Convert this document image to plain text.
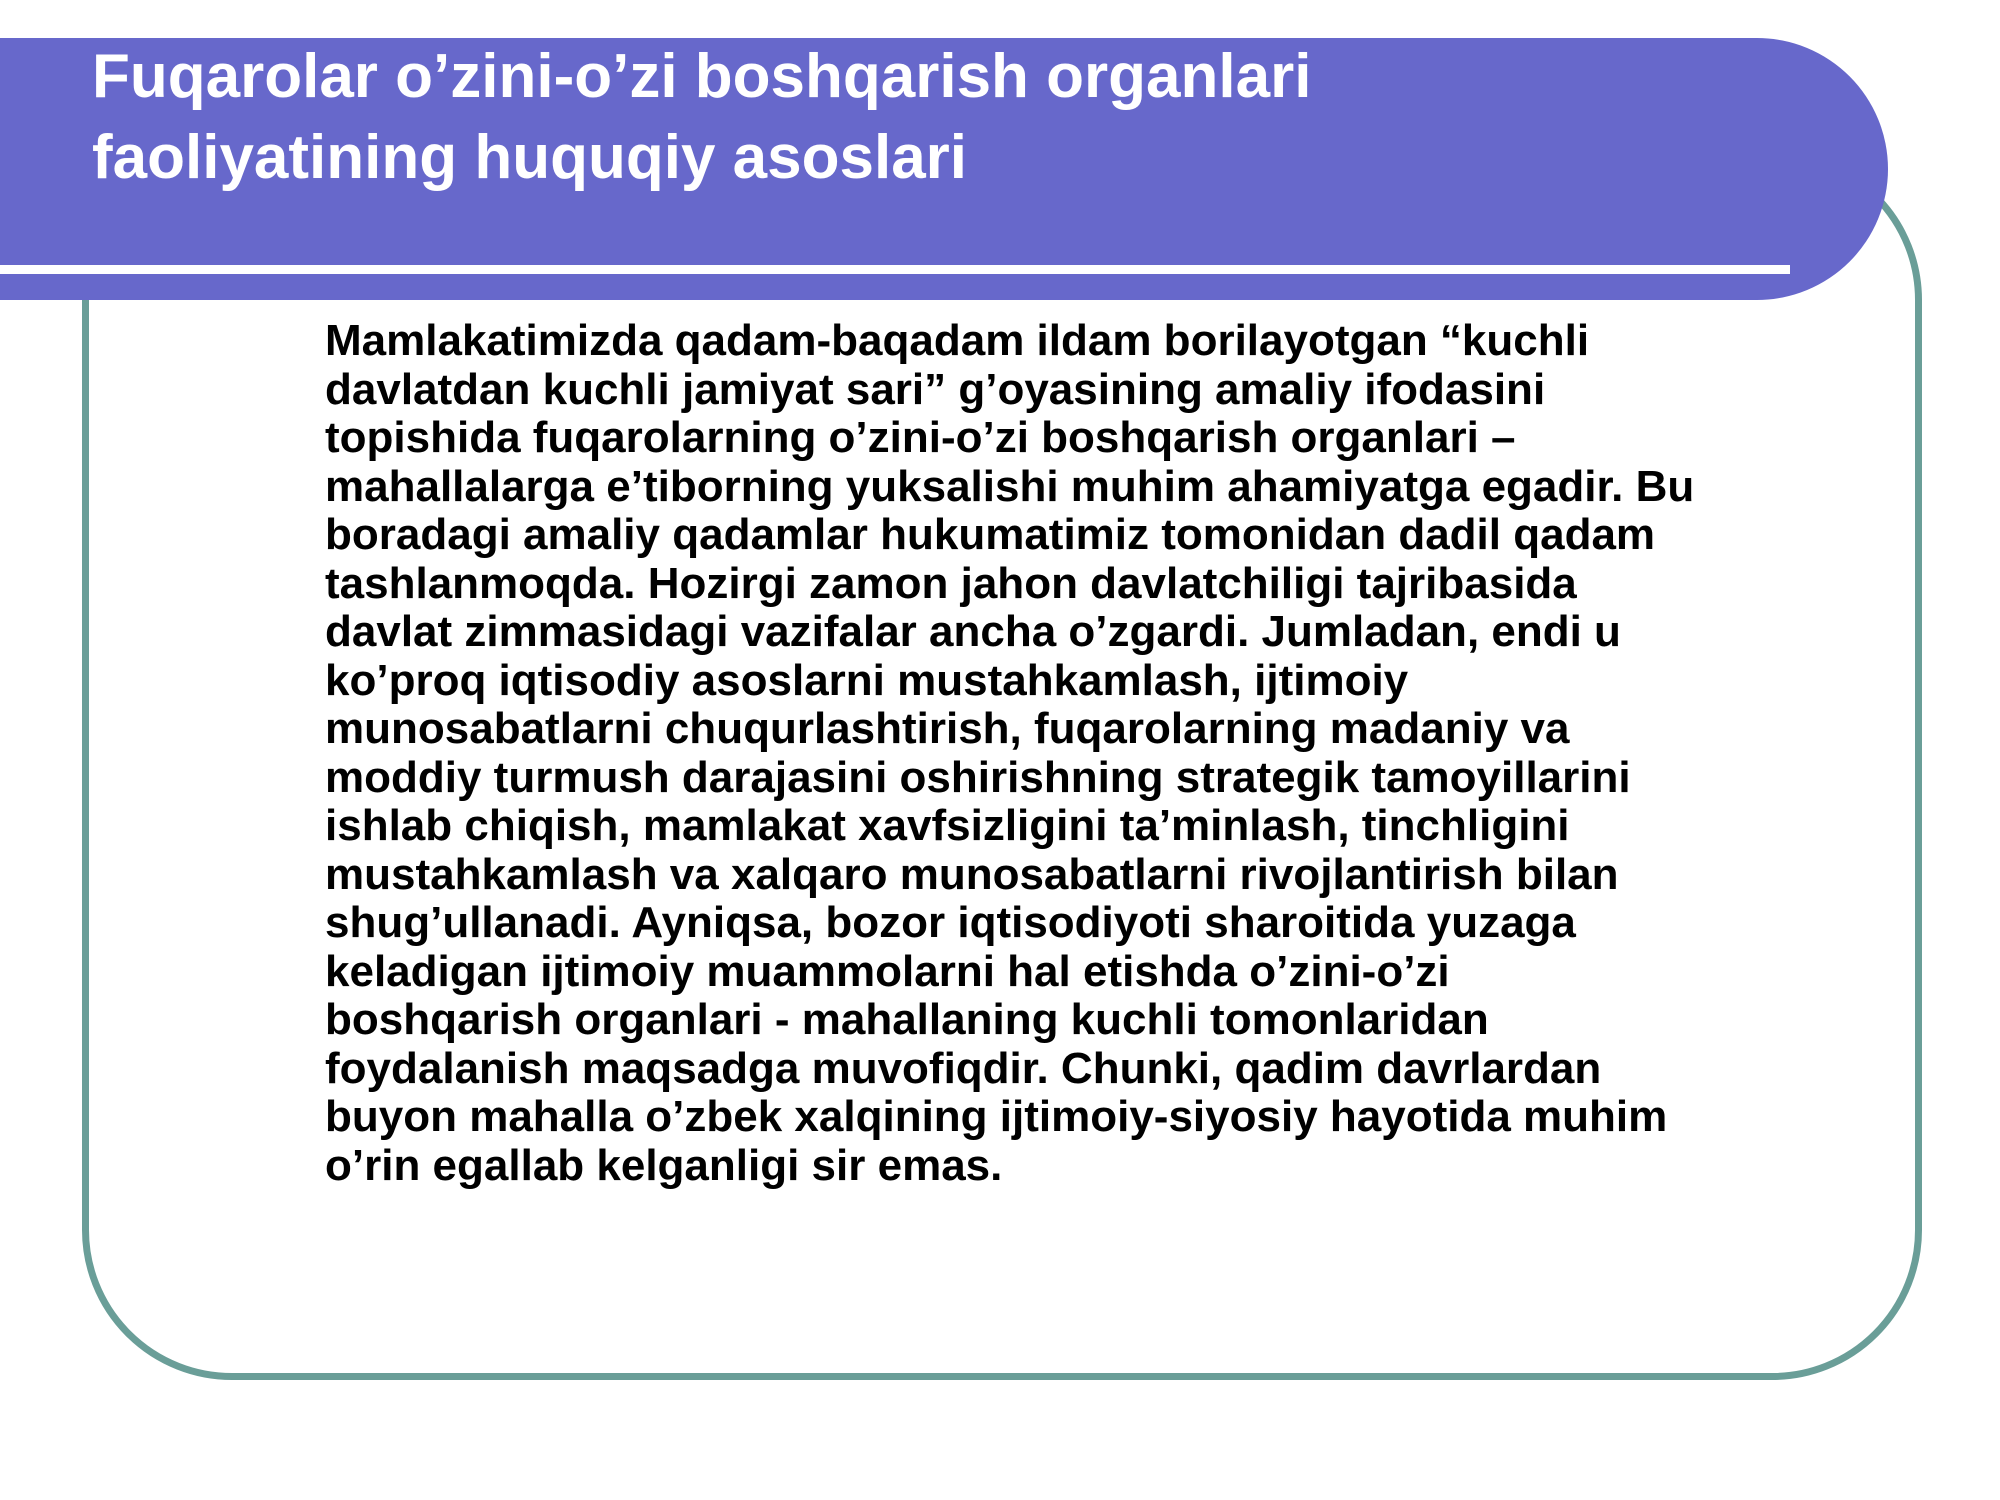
Fuqarolar o’zini-o’zi boshqarish organlari
faoliyatining huquqiy asoslari

Mamlakatimizda qadam-baqadam ildam borilayotgan “kuchli
davlatdan kuchli jamiyat sari” g’oyasining amaliy ifodasini
topishida fuqarolarning o’zini-o’zi boshqarish organlari –
mahallalarga e’tiborning yuksalishi muhim ahamiyatga egadir. Bu
boradagi amaliy qadamlar hukumatimiz tomonidan dadil qadam
tashlanmoqda. Hozirgi zamon jahon davlatchiligi tajribasida
davlat zimmasidagi vazifalar ancha o’zgardi. Jumladan, endi u
ko’proq iqtisodiy asoslarni mustahkamlash, ijtimoiy
munosabatlarni chuqurlashtirish, fuqarolarning madaniy va
moddiy turmush darajasini oshirishning strategik tamoyillarini
ishlab chiqish, mamlakat xavfsizligini ta’minlash, tinchligini
mustahkamlash va xalqaro munosabatlarni rivojlantirish bilan
shug’ullanadi. Ayniqsa, bozor iqtisodiyoti sharoitida yuzaga
keladigan ijtimoiy muammolarni hal etishda o’zini-o’zi
boshqarish organlari - mahallaning kuchli tomonlaridan
foydalanish maqsadga muvofiqdir. Chunki, qadim davrlardan
buyon mahalla o’zbek xalqining ijtimoiy-siyosiy hayotida muhim
o’rin egallab kelganligi sir emas.
